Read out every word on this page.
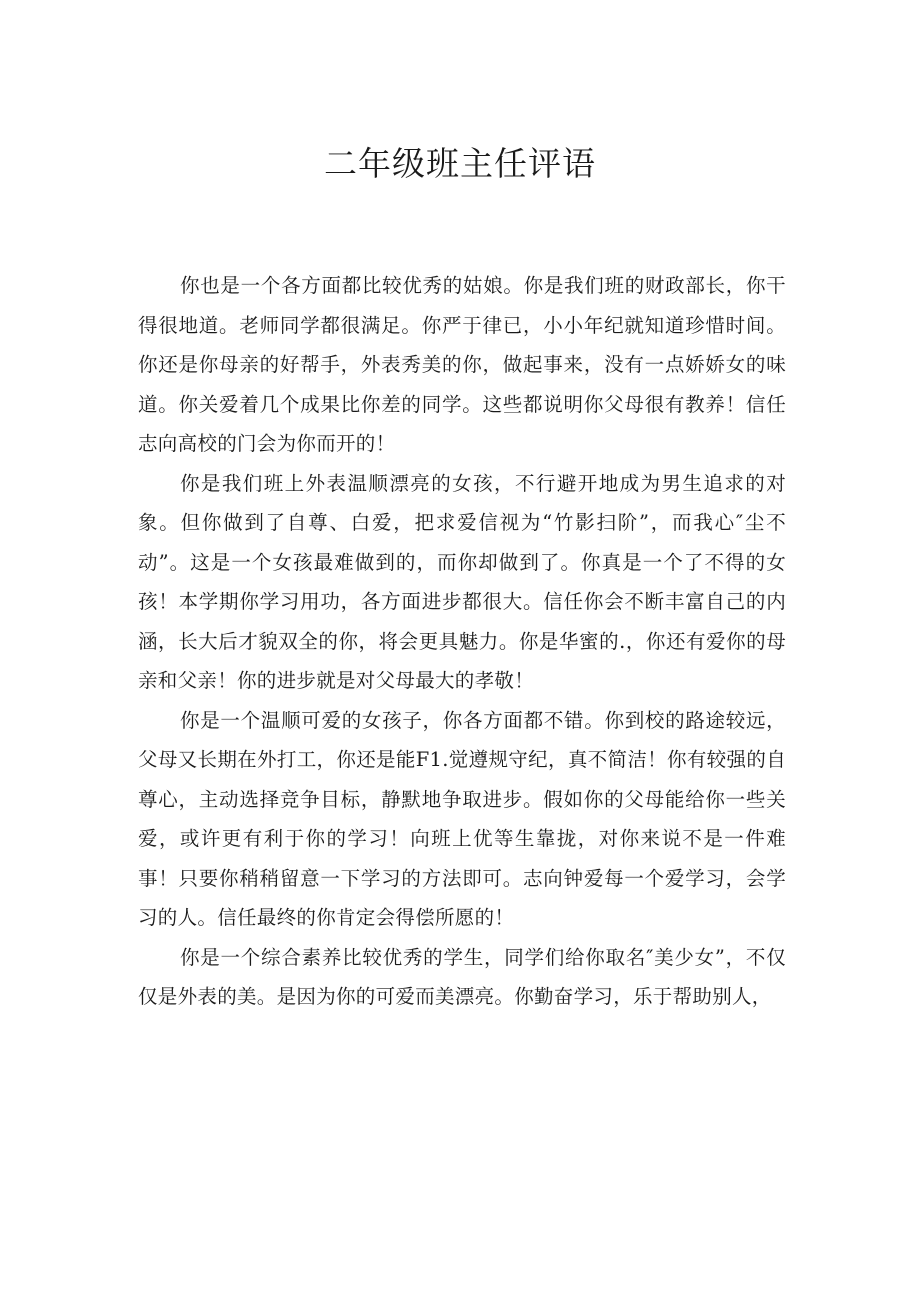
二年级班主任评语

你也是一个各方面都比较优秀的姑娘。你是我们班的财政部长，你干得很地道。老师同学都很满足。你严于律已，小小年纪就知道珍惜时间。你还是你母亲的好帮手，外表秀美的你，做起事来，没有一点娇娇女的味道。你关爱着几个成果比你差的同学。这些都说明你父母很有教养！信任志向高校的门会为你而开的！

你是我们班上外表温顺漂亮的女孩，不行避开地成为男生追求的对象。但你做到了自尊、白爱，把求爱信视为“竹影扫阶”，而我心″尘不动”。这是一个女孩最难做到的，而你却做到了。你真是一个了不得的女孩！本学期你学习用功，各方面进步都很大。信任你会不断丰富自己的内涵，长大后才貌双全的你，将会更具魅力。你是华蜜的.，你还有爱你的母亲和父亲！你的进步就是对父母最大的孝敬！

你是一个温顺可爱的女孩子，你各方面都不错。你到校的路途较远，父母又长期在外打工，你还是能F1.觉遵规守纪，真不简洁！你有较强的自尊心，主动选择竞争目标，静默地争取进步。假如你的父母能给你一些关爱，或许更有利于你的学习！向班上优等生靠拢，对你来说不是一件难事！只要你稍稍留意一下学习的方法即可。志向钟爱每一个爱学习，会学习的人。信任最终的你肯定会得偿所愿的！

你是一个综合素养比较优秀的学生，同学们给你取名″美少女”，不仅仅是外表的美。是因为你的可爱而美漂亮。你勤奋学习，乐于帮助别人，
